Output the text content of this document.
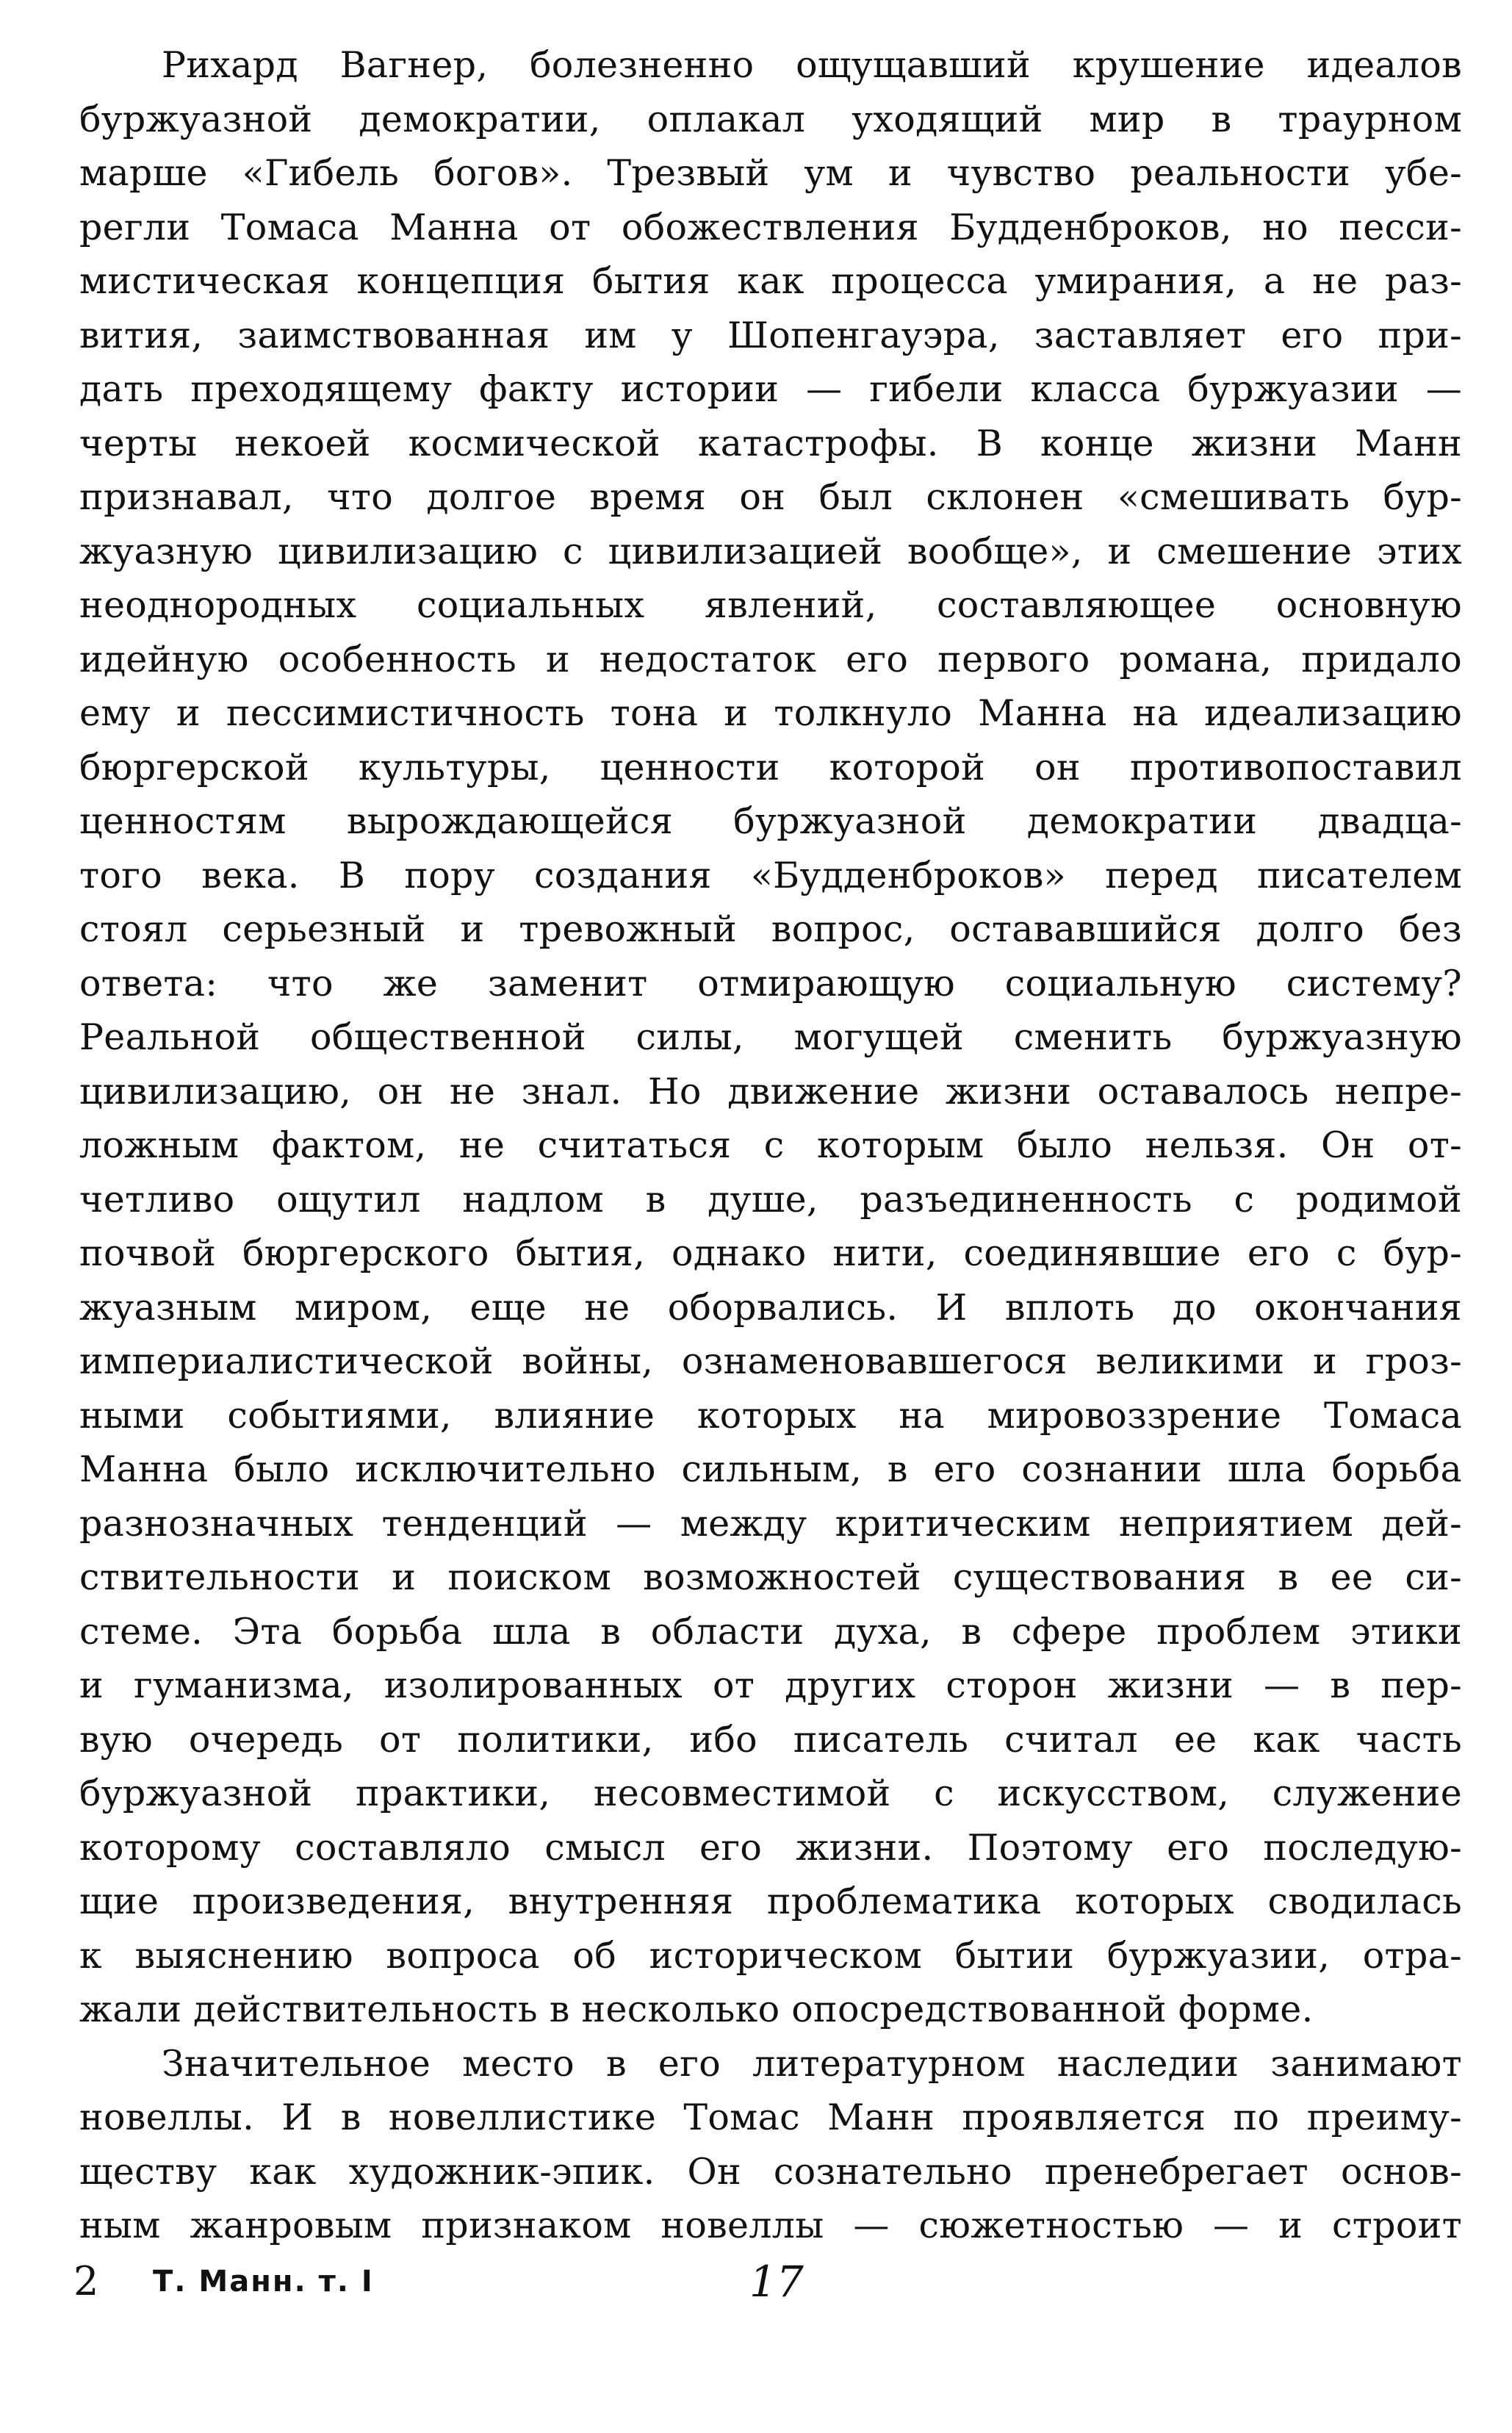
Рихард Вагнер, болезненно ощущавший крушение идеалов
буржуазной демократии, оплакал уходящий мир в траурном
марше «Гибель богов». Трезвый ум и чувство реальности убе-
регли Томаса Манна от обожествления Будденброков, но песси-
мистическая концепция бытия как процесса умирания, а не раз-
вития, заимствованная им у Шопенгауэра, заставляет его при-
дать преходящему факту истории — гибели класса буржуазии —
черты некоей космической катастрофы. В конце жизни Манн
признавал, что долгое время он был склонен «смешивать бур-
жуазную цивилизацию с цивилизацией вообще», и смешение этих
неоднородных социальных явлений, составляющее основную
идейную особенность и недостаток его первого романа, придало
ему и пессимистичность тона и толкнуло Манна на идеализацию
бюргерской культуры, ценности которой он противопоставил
ценностям вырождающейся буржуазной демократии двадца-
того века. В пору создания «Будденброков» перед писателем
стоял серьезный и тревожный вопрос, остававшийся долго без
ответа: что же заменит отмирающую социальную систему?
Реальной общественной силы, могущей сменить буржуазную
цивилизацию, он не знал. Но движение жизни оставалось непре-
ложным фактом, не считаться с которым было нельзя. Он от-
четливо ощутил надлом в душе, разъединенность с родимой
почвой бюргерского бытия, однако нити, соединявшие его с бур-
жуазным миром, еще не оборвались. И вплоть до окончания
империалистической войны, ознаменовавшегося великими и гроз-
ными событиями, влияние которых на мировоззрение Томаса
Манна было исключительно сильным, в его сознании шла борьба
разнозначных тенденций — между критическим неприятием дей-
ствительности и поиском возможностей существования в ее си-
стеме. Эта борьба шла в области духа, в сфере проблем этики
и гуманизма, изолированных от других сторон жизни — в пер-
вую очередь от политики, ибо писатель считал ее как часть
буржуазной практики, несовместимой с искусством, служение
которому составляло смысл его жизни. Поэтому его последую-
щие произведения, внутренняя проблематика которых сводилась
к выяснению вопроса об историческом бытии буржуазии, отра-
жали действительность в несколько опосредствованной форме.
Значительное место в его литературном наследии занимают
новеллы. И в новеллистике Томас Манн проявляется по преиму-
ществу как художник-эпик. Он сознательно пренебрегает основ-
ным жанровым признаком новеллы — сюжетностью — и строит
2 Т. Манн. т. I	17
